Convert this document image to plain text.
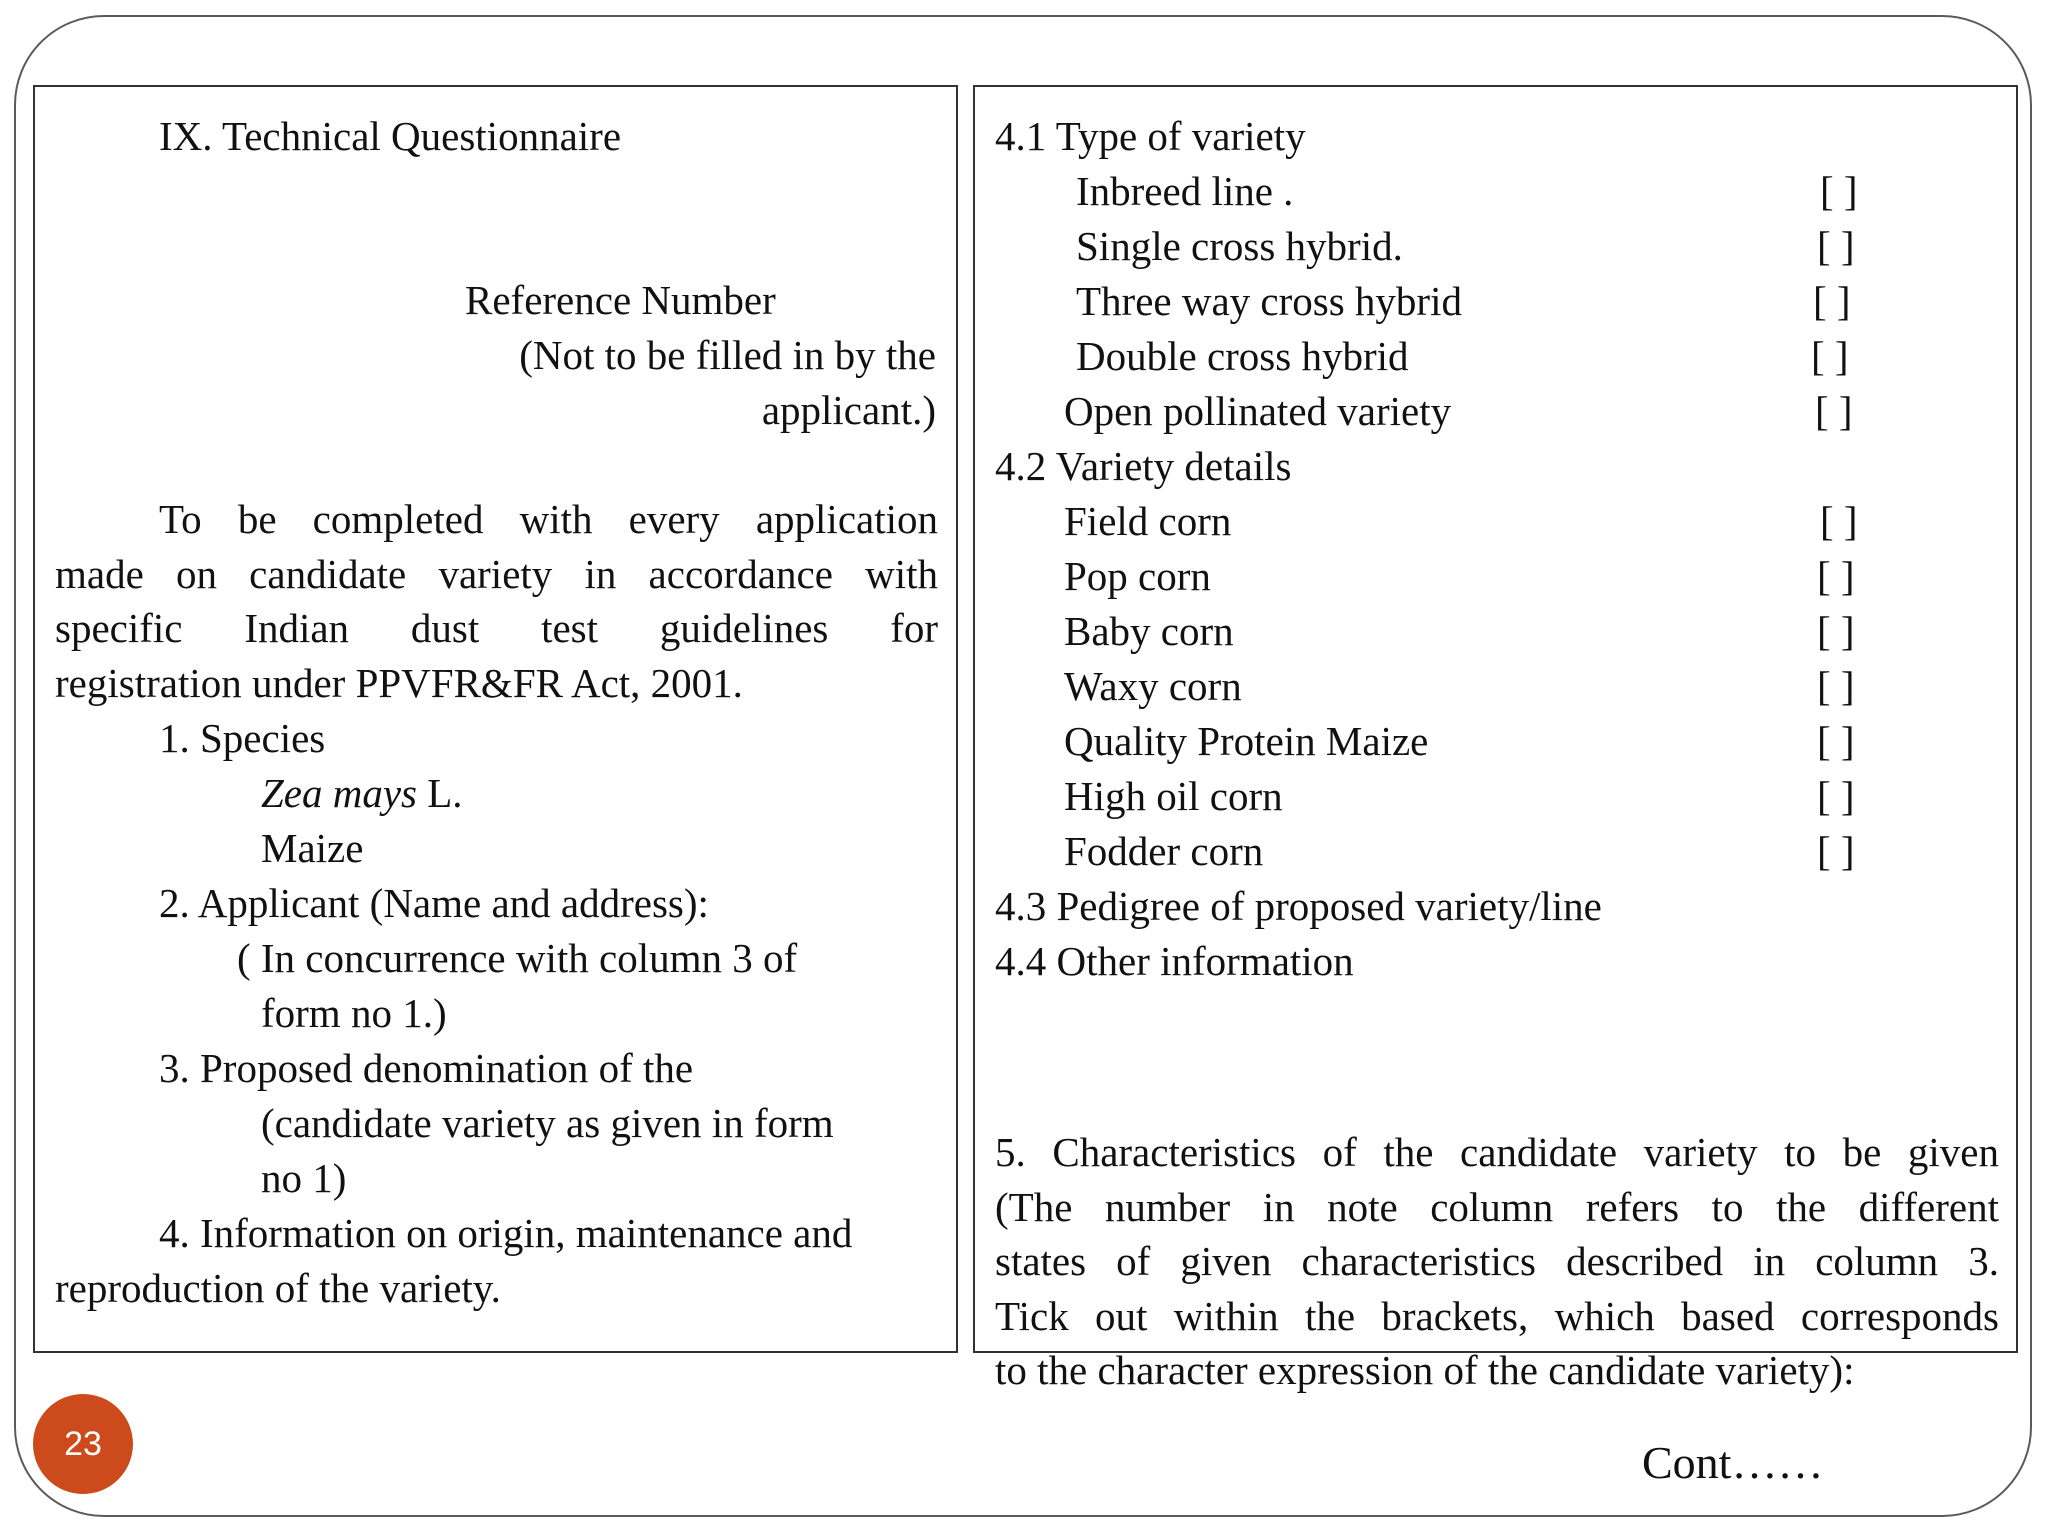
IX. Technical Questionnaire
Reference Number
(Not to be filled in by the
applicant.)
To be completed with every application
made on candidate variety in accordance with
specific Indian dust test guidelines for
registration under PPVFR&FR Act, 2001.
1. Species
Zea mays L.
Maize
2. Applicant (Name and address):
( In concurrence with column 3 of
form no 1.)
3. Proposed denomination of the
(candidate variety as given in form
no 1)
4. Information on origin, maintenance and
reproduction of the variety.
4.1 Type of variety
Inbreed line .	[ ]
Single cross hybrid.	[ ]
Three way cross hybrid	[ ]
Double cross hybrid	[ ]
Open pollinated variety	[ ]
4.2 Variety details
Field corn	[ ]
Pop corn	[ ]
Baby corn	[ ]
Waxy corn	[ ]
Quality Protein Maize	[ ]
High oil corn	[ ]
Fodder corn	[ ]
4.3 Pedigree of proposed variety/line
4.4 Other information
5. Characteristics of the candidate variety to be given
(The number in note column refers to the different
states of given characteristics described in column 3.
Tick out within the brackets, which based corresponds
to the character expression of the candidate variety):
23	Cont……
